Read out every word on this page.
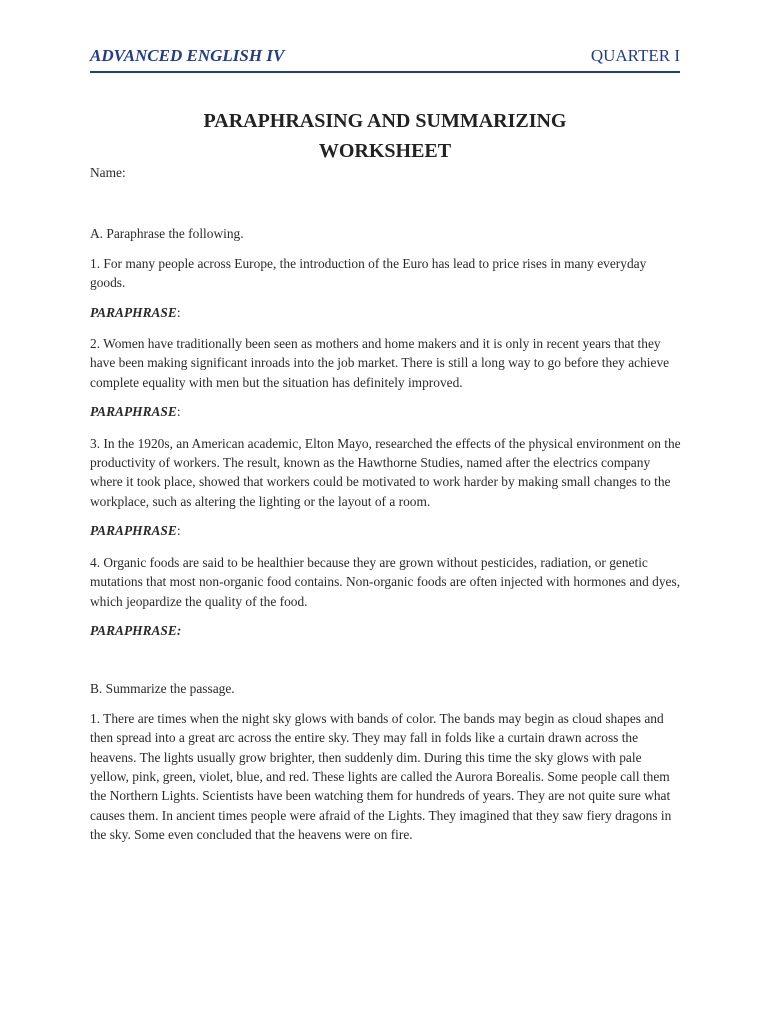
ADVANCED ENGLISH IV	QUARTER I
PARAPHRASING AND SUMMARIZING
WORKSHEET

Name:

A. Paraphrase the following.

1. For many people across Europe, the introduction of the Euro has lead to price rises in many everyday goods.

PARAPHRASE:

2. Women have traditionally been seen as mothers and home makers and it is only in recent years that they have been making significant inroads into the job market. There is still a long way to go before they achieve complete equality with men but the situation has definitely improved.

PARAPHRASE:

3. In the 1920s, an American academic, Elton Mayo, researched the effects of the physical environment on the productivity of workers. The result, known as the Hawthorne Studies, named after the electrics company where it took place, showed that workers could be motivated to work harder by making small changes to the workplace, such as altering the lighting or the layout of a room.

PARAPHRASE:

4. Organic foods are said to be healthier because they are grown without pesticides, radiation, or genetic mutations that most non-organic food contains. Non-organic foods are often injected with hormones and dyes, which jeopardize the quality of the food.

PARAPHRASE:

B. Summarize the passage.

1. There are times when the night sky glows with bands of color. The bands may begin as cloud shapes and then spread into a great arc across the entire sky. They may fall in folds like a curtain drawn across the heavens. The lights usually grow brighter, then suddenly dim. During this time the sky glows with pale yellow, pink, green, violet, blue, and red. These lights are called the Aurora Borealis. Some people call them the Northern Lights. Scientists have been watching them for hundreds of years. They are not quite sure what causes them. In ancient times people were afraid of the Lights. They imagined that they saw fiery dragons in the sky. Some even concluded that the heavens were on fire.
